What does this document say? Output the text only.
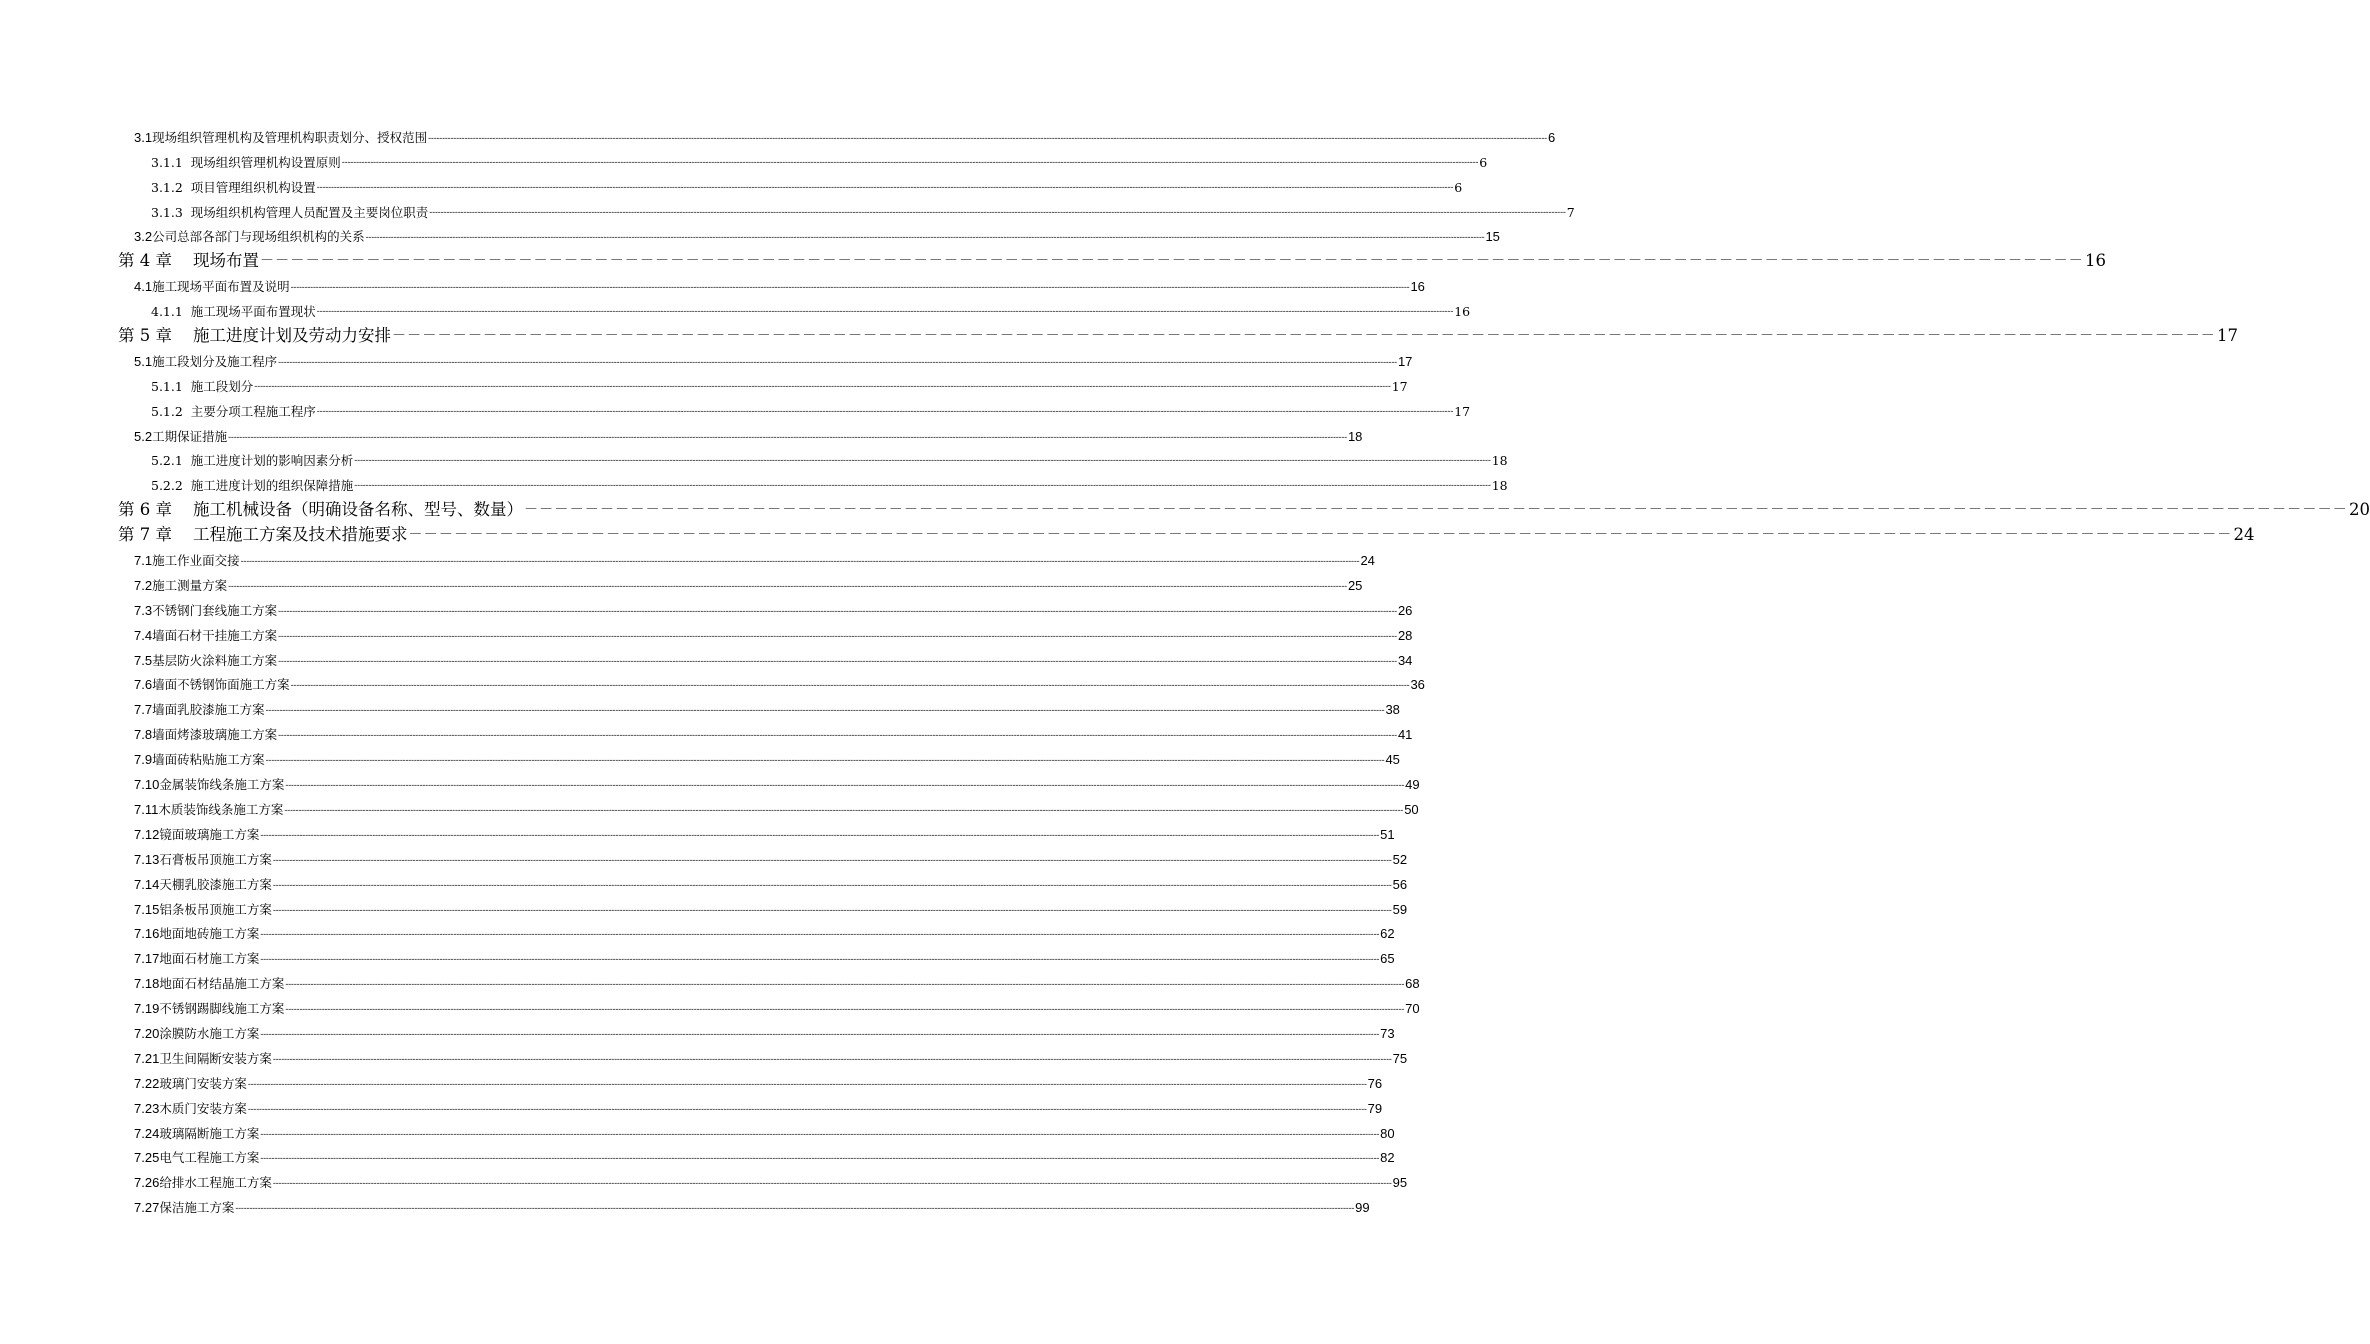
3.1 现场组织管理机构及管理机构职责划分、授权范围 ---------------------------------------------------------------------------------------------------------------------------------------------------------------------------------------------------------------------------------------------------------------------------------------------------------------------------------------------------------------------------------------------------------------- 6
3.1.1
现场组织管理机构设置原则 ---------------------------------------------------------------------------------------------------------------------------------------------------------------------------------------------------------------------------------------------------------------------------------------------------------------------------------------------------------------------------------------------------------------- 6
3.1.2
项目管理组织机构设置 ---------------------------------------------------------------------------------------------------------------------------------------------------------------------------------------------------------------------------------------------------------------------------------------------------------------------------------------------------------------------------------------------------------------- 6
3.1.3
现场组织机构管理人员配置及主要岗位职责 ---------------------------------------------------------------------------------------------------------------------------------------------------------------------------------------------------------------------------------------------------------------------------------------------------------------------------------------------------------------------------------------------------------------- 7
3.2 公司总部各部门与现场组织机构的关系 ---------------------------------------------------------------------------------------------------------------------------------------------------------------------------------------------------------------------------------------------------------------------------------------------------------------------------------------------------------------------------------------------------------------- 15
第 4 章
现场布置 －－－－－－－－－－－－－－－－－－－－－－－－－－－－－－－－－－－－－－－－－－－－－－－－－－－－－－－－－－－－－－－－－－－－－－－－－－－－－－－－－－－－－－－－－－－－－－－－－－－－－－－－－－－－－－－－－－－－－－－－ 16
4.1 施工现场平面布置及说明 ---------------------------------------------------------------------------------------------------------------------------------------------------------------------------------------------------------------------------------------------------------------------------------------------------------------------------------------------------------------------------------------------------------------- 16
4.1.1
施工现场平面布置现状 ---------------------------------------------------------------------------------------------------------------------------------------------------------------------------------------------------------------------------------------------------------------------------------------------------------------------------------------------------------------------------------------------------------------- 16
第 5 章
施工进度计划及劳动力安排 －－－－－－－－－－－－－－－－－－－－－－－－－－－－－－－－－－－－－－－－－－－－－－－－－－－－－－－－－－－－－－－－－－－－－－－－－－－－－－－－－－－－－－－－－－－－－－－－－－－－－－－－－－－－－－－－－－－－－－－－ 17
5.1 施工段划分及施工程序 ---------------------------------------------------------------------------------------------------------------------------------------------------------------------------------------------------------------------------------------------------------------------------------------------------------------------------------------------------------------------------------------------------------------- 17
5.1.1
施工段划分 ---------------------------------------------------------------------------------------------------------------------------------------------------------------------------------------------------------------------------------------------------------------------------------------------------------------------------------------------------------------------------------------------------------------- 17
5.1.2
主要分项工程施工程序 ---------------------------------------------------------------------------------------------------------------------------------------------------------------------------------------------------------------------------------------------------------------------------------------------------------------------------------------------------------------------------------------------------------------- 17
5.2 工期保证措施 ---------------------------------------------------------------------------------------------------------------------------------------------------------------------------------------------------------------------------------------------------------------------------------------------------------------------------------------------------------------------------------------------------------------- 18
5.2.1
施工进度计划的影响因素分析 ---------------------------------------------------------------------------------------------------------------------------------------------------------------------------------------------------------------------------------------------------------------------------------------------------------------------------------------------------------------------------------------------------------------- 18
5.2.2
施工进度计划的组织保障措施 ---------------------------------------------------------------------------------------------------------------------------------------------------------------------------------------------------------------------------------------------------------------------------------------------------------------------------------------------------------------------------------------------------------------- 18
第 6 章
施工机械设备（明确设备名称、型号、数量） －－－－－－－－－－－－－－－－－－－－－－－－－－－－－－－－－－－－－－－－－－－－－－－－－－－－－－－－－－－－－－－－－－－－－－－－－－－－－－－－－－－－－－－－－－－－－－－－－－－－－－－－－－－－－－－－－－－－－－－－ 20
第 7 章
工程施工方案及技术措施要求 －－－－－－－－－－－－－－－－－－－－－－－－－－－－－－－－－－－－－－－－－－－－－－－－－－－－－－－－－－－－－－－－－－－－－－－－－－－－－－－－－－－－－－－－－－－－－－－－－－－－－－－－－－－－－－－－－－－－－－－－ 24
7.1 施工作业面交接 ---------------------------------------------------------------------------------------------------------------------------------------------------------------------------------------------------------------------------------------------------------------------------------------------------------------------------------------------------------------------------------------------------------------- 24
7.2 施工测量方案 ---------------------------------------------------------------------------------------------------------------------------------------------------------------------------------------------------------------------------------------------------------------------------------------------------------------------------------------------------------------------------------------------------------------- 25
7.3 不锈钢门套线施工方案 ---------------------------------------------------------------------------------------------------------------------------------------------------------------------------------------------------------------------------------------------------------------------------------------------------------------------------------------------------------------------------------------------------------------- 26
7.4 墙面石材干挂施工方案 ---------------------------------------------------------------------------------------------------------------------------------------------------------------------------------------------------------------------------------------------------------------------------------------------------------------------------------------------------------------------------------------------------------------- 28
7.5 基层防火涂料施工方案 ---------------------------------------------------------------------------------------------------------------------------------------------------------------------------------------------------------------------------------------------------------------------------------------------------------------------------------------------------------------------------------------------------------------- 34
7.6 墙面不锈钢饰面施工方案 ---------------------------------------------------------------------------------------------------------------------------------------------------------------------------------------------------------------------------------------------------------------------------------------------------------------------------------------------------------------------------------------------------------------- 36
7.7 墙面乳胶漆施工方案 ---------------------------------------------------------------------------------------------------------------------------------------------------------------------------------------------------------------------------------------------------------------------------------------------------------------------------------------------------------------------------------------------------------------- 38
7.8 墙面烤漆玻璃施工方案 ---------------------------------------------------------------------------------------------------------------------------------------------------------------------------------------------------------------------------------------------------------------------------------------------------------------------------------------------------------------------------------------------------------------- 41
7.9 墙面砖粘贴施工方案 ---------------------------------------------------------------------------------------------------------------------------------------------------------------------------------------------------------------------------------------------------------------------------------------------------------------------------------------------------------------------------------------------------------------- 45
7.10 金属装饰线条施工方案 ---------------------------------------------------------------------------------------------------------------------------------------------------------------------------------------------------------------------------------------------------------------------------------------------------------------------------------------------------------------------------------------------------------------- 49
7.11 木质装饰线条施工方案 ---------------------------------------------------------------------------------------------------------------------------------------------------------------------------------------------------------------------------------------------------------------------------------------------------------------------------------------------------------------------------------------------------------------- 50
7.12 镜面玻璃施工方案 ---------------------------------------------------------------------------------------------------------------------------------------------------------------------------------------------------------------------------------------------------------------------------------------------------------------------------------------------------------------------------------------------------------------- 51
7.13 石膏板吊顶施工方案 ---------------------------------------------------------------------------------------------------------------------------------------------------------------------------------------------------------------------------------------------------------------------------------------------------------------------------------------------------------------------------------------------------------------- 52
7.14 天棚乳胶漆施工方案 ---------------------------------------------------------------------------------------------------------------------------------------------------------------------------------------------------------------------------------------------------------------------------------------------------------------------------------------------------------------------------------------------------------------- 56
7.15 铝条板吊顶施工方案 ---------------------------------------------------------------------------------------------------------------------------------------------------------------------------------------------------------------------------------------------------------------------------------------------------------------------------------------------------------------------------------------------------------------- 59
7.16 地面地砖施工方案 ---------------------------------------------------------------------------------------------------------------------------------------------------------------------------------------------------------------------------------------------------------------------------------------------------------------------------------------------------------------------------------------------------------------- 62
7.17 地面石材施工方案 ---------------------------------------------------------------------------------------------------------------------------------------------------------------------------------------------------------------------------------------------------------------------------------------------------------------------------------------------------------------------------------------------------------------- 65
7.18 地面石材结晶施工方案 ---------------------------------------------------------------------------------------------------------------------------------------------------------------------------------------------------------------------------------------------------------------------------------------------------------------------------------------------------------------------------------------------------------------- 68
7.19 不锈钢踢脚线施工方案 ---------------------------------------------------------------------------------------------------------------------------------------------------------------------------------------------------------------------------------------------------------------------------------------------------------------------------------------------------------------------------------------------------------------- 70
7.20 涂膜防水施工方案 ---------------------------------------------------------------------------------------------------------------------------------------------------------------------------------------------------------------------------------------------------------------------------------------------------------------------------------------------------------------------------------------------------------------- 73
7.21 卫生间隔断安装方案 ---------------------------------------------------------------------------------------------------------------------------------------------------------------------------------------------------------------------------------------------------------------------------------------------------------------------------------------------------------------------------------------------------------------- 75
7.22 玻璃门安装方案 ---------------------------------------------------------------------------------------------------------------------------------------------------------------------------------------------------------------------------------------------------------------------------------------------------------------------------------------------------------------------------------------------------------------- 76
7.23 木质门安装方案 ---------------------------------------------------------------------------------------------------------------------------------------------------------------------------------------------------------------------------------------------------------------------------------------------------------------------------------------------------------------------------------------------------------------- 79
7.24 玻璃隔断施工方案 ---------------------------------------------------------------------------------------------------------------------------------------------------------------------------------------------------------------------------------------------------------------------------------------------------------------------------------------------------------------------------------------------------------------- 80
7.25 电气工程施工方案 ---------------------------------------------------------------------------------------------------------------------------------------------------------------------------------------------------------------------------------------------------------------------------------------------------------------------------------------------------------------------------------------------------------------- 82
7.26 给排水工程施工方案 ---------------------------------------------------------------------------------------------------------------------------------------------------------------------------------------------------------------------------------------------------------------------------------------------------------------------------------------------------------------------------------------------------------------- 95
7.27 保洁施工方案 ---------------------------------------------------------------------------------------------------------------------------------------------------------------------------------------------------------------------------------------------------------------------------------------------------------------------------------------------------------------------------------------------------------------- 99
